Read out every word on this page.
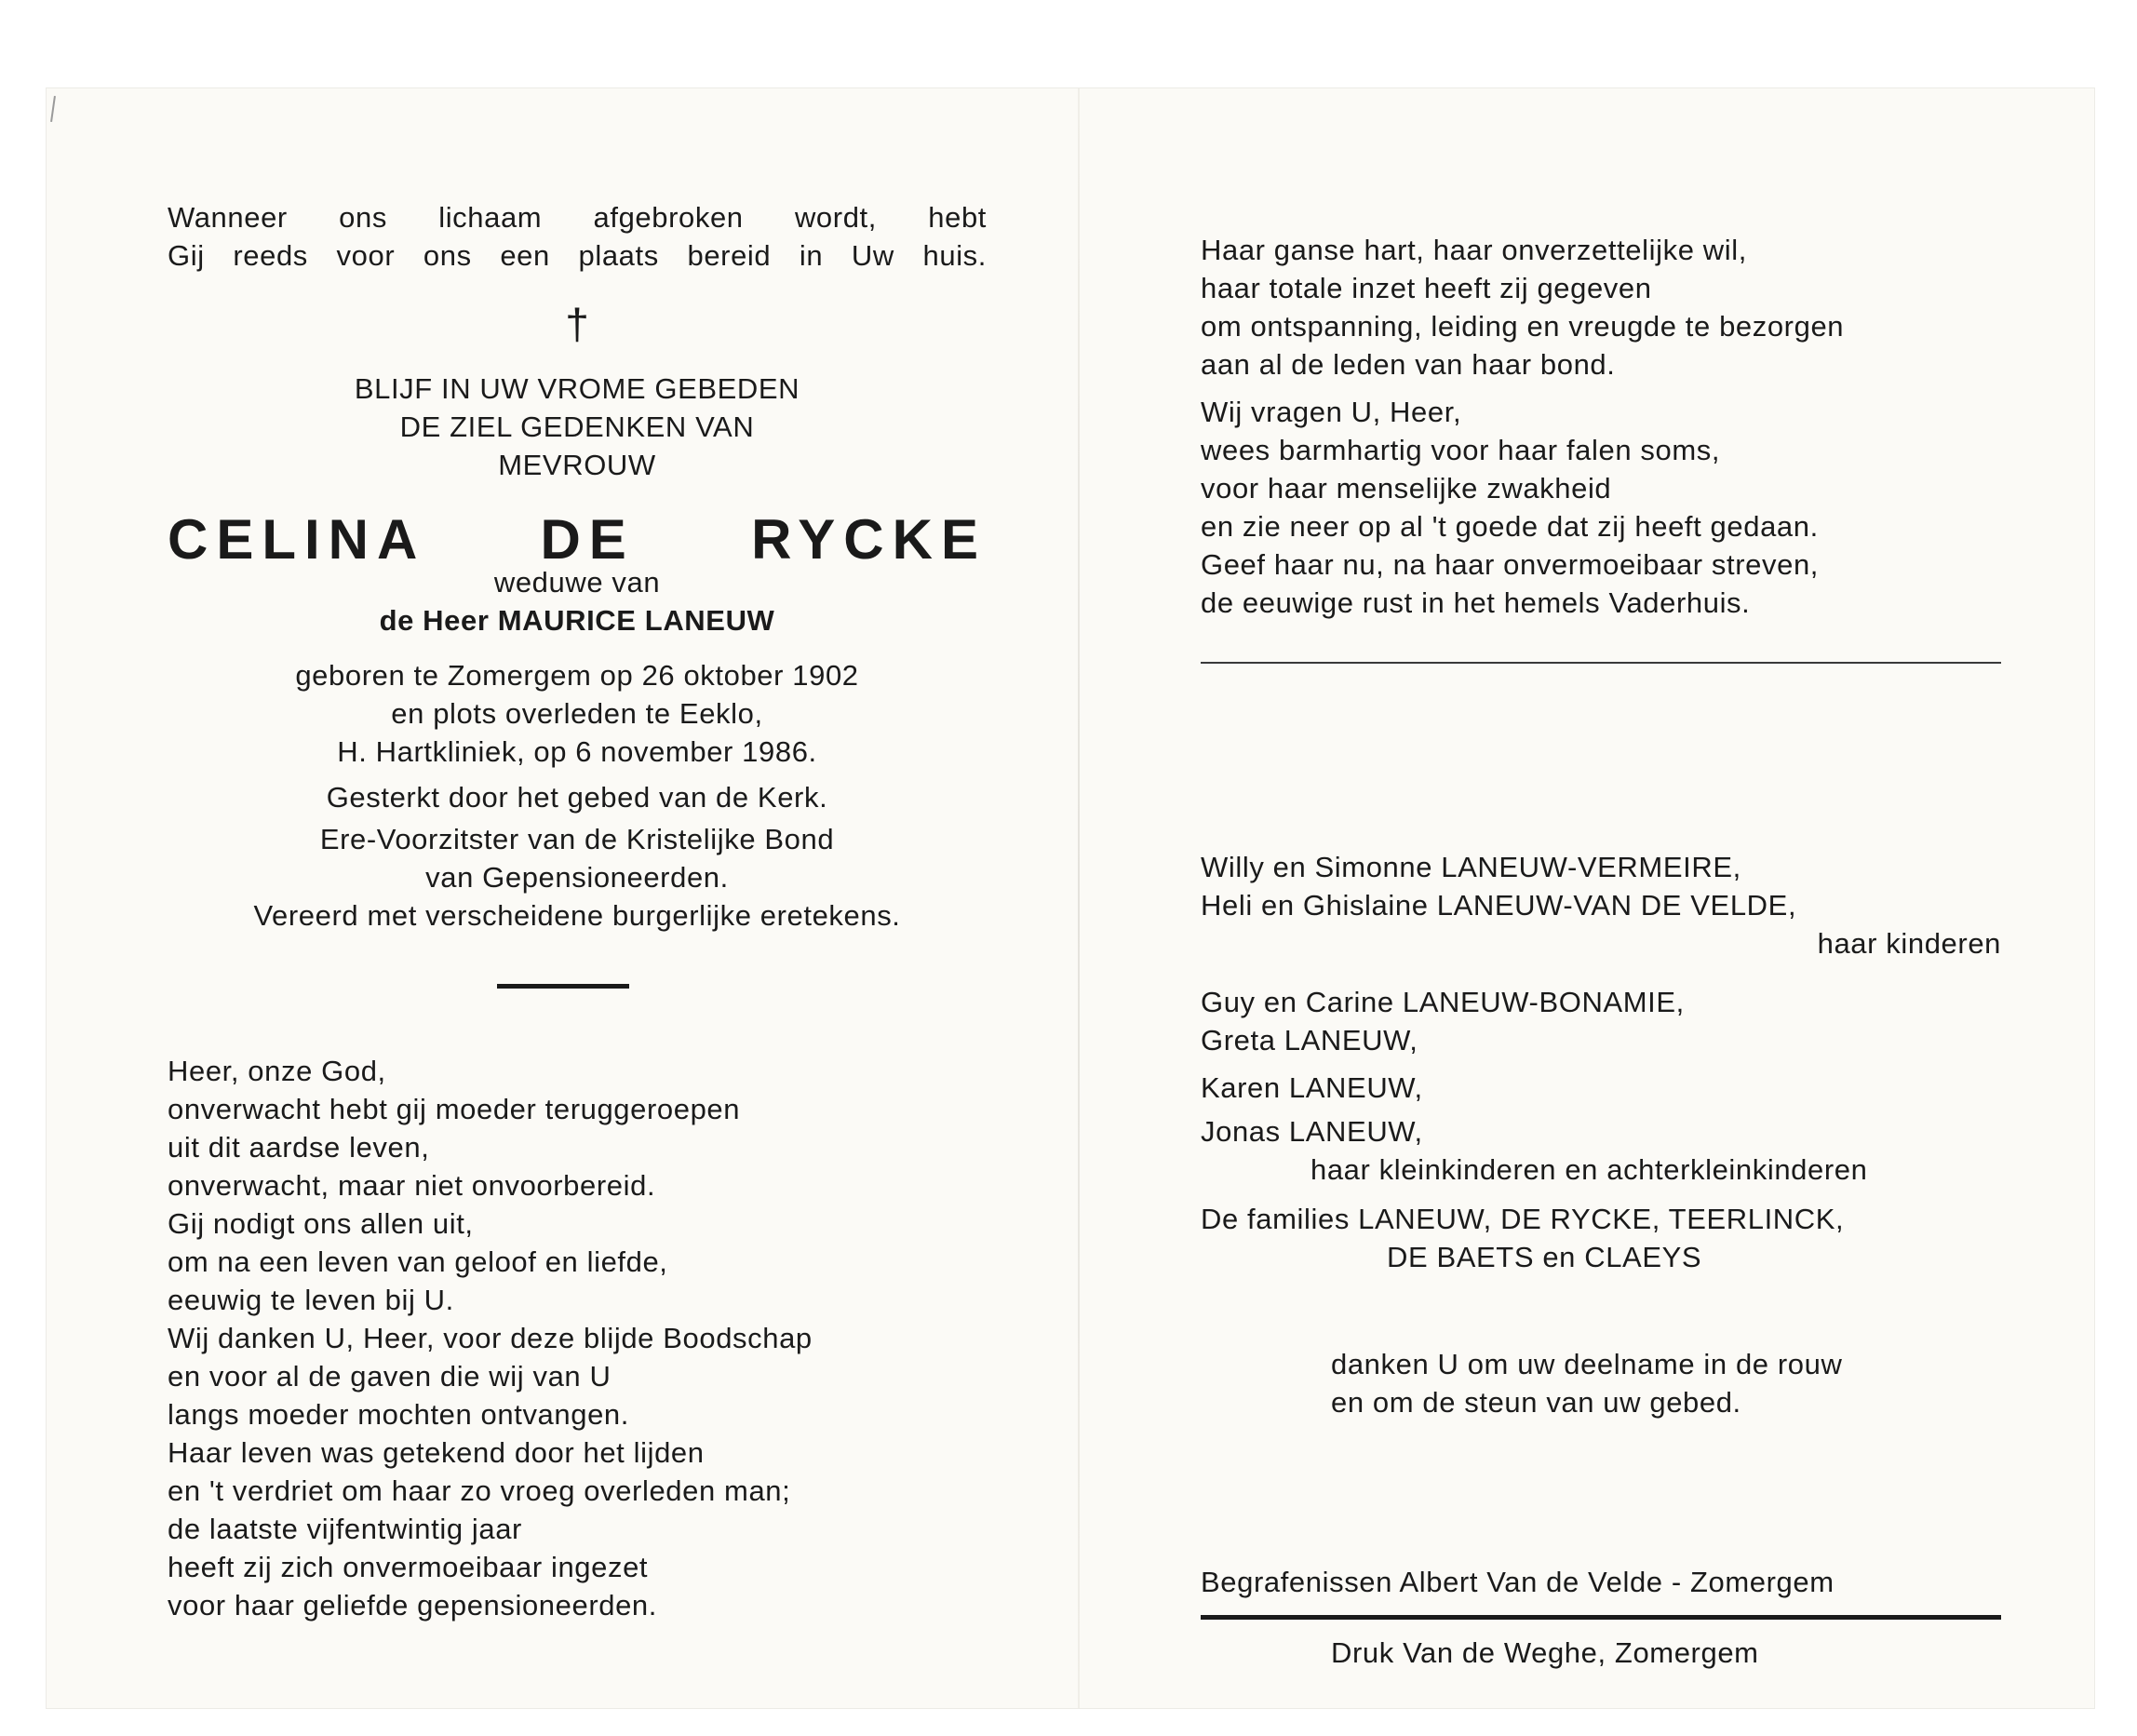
Wanneer ons lichaam afgebroken wordt, hebt
Gij reeds voor ons een plaats bereid in Uw huis.
†
BLIJF IN UW VROME GEBEDEN
DE ZIEL GEDENKEN VAN
MEVROUW
CELINA DE RYCKE
weduwe van
de Heer MAURICE LANEUW
geboren te Zomergem op 26 oktober 1902
en plots overleden te Eeklo,
H. Hartkliniek, op 6 november 1986.
Gesterkt door het gebed van de Kerk.
Ere-Voorzitster van de Kristelijke Bond
van Gepensioneerden.
Vereerd met verscheidene burgerlijke eretekens.
Heer, onze God,
onverwacht hebt gij moeder teruggeroepen
uit dit aardse leven,
onverwacht, maar niet onvoorbereid.
Gij nodigt ons allen uit,
om na een leven van geloof en liefde,
eeuwig te leven bij U.
Wij danken U, Heer, voor deze blijde Boodschap
en voor al de gaven die wij van U
langs moeder mochten ontvangen.
Haar leven was getekend door het lijden
en 't verdriet om haar zo vroeg overleden man;
de laatste vijfentwintig jaar
heeft zij zich onvermoeibaar ingezet
voor haar geliefde gepensioneerden.
Haar ganse hart, haar onverzettelijke wil,
haar totale inzet heeft zij gegeven
om ontspanning, leiding en vreugde te bezorgen
aan al de leden van haar bond.
Wij vragen U, Heer,
wees barmhartig voor haar falen soms,
voor haar menselijke zwakheid
en zie neer op al 't goede dat zij heeft gedaan.
Geef haar nu, na haar onvermoeibaar streven,
de eeuwige rust in het hemels Vaderhuis.
Willy en Simonne LANEUW-VERMEIRE,
Heli en Ghislaine LANEUW-VAN DE VELDE,
haar kinderen
Guy en Carine LANEUW-BONAMIE,
Greta LANEUW,
Karen LANEUW,
Jonas LANEUW,
haar kleinkinderen en achterkleinkinderen
De families LANEUW, DE RYCKE, TEERLINCK,
DE BAETS en CLAEYS
danken U om uw deelname in de rouw
en om de steun van uw gebed.
Begrafenissen Albert Van de Velde - Zomergem
Druk Van de Weghe, Zomergem
